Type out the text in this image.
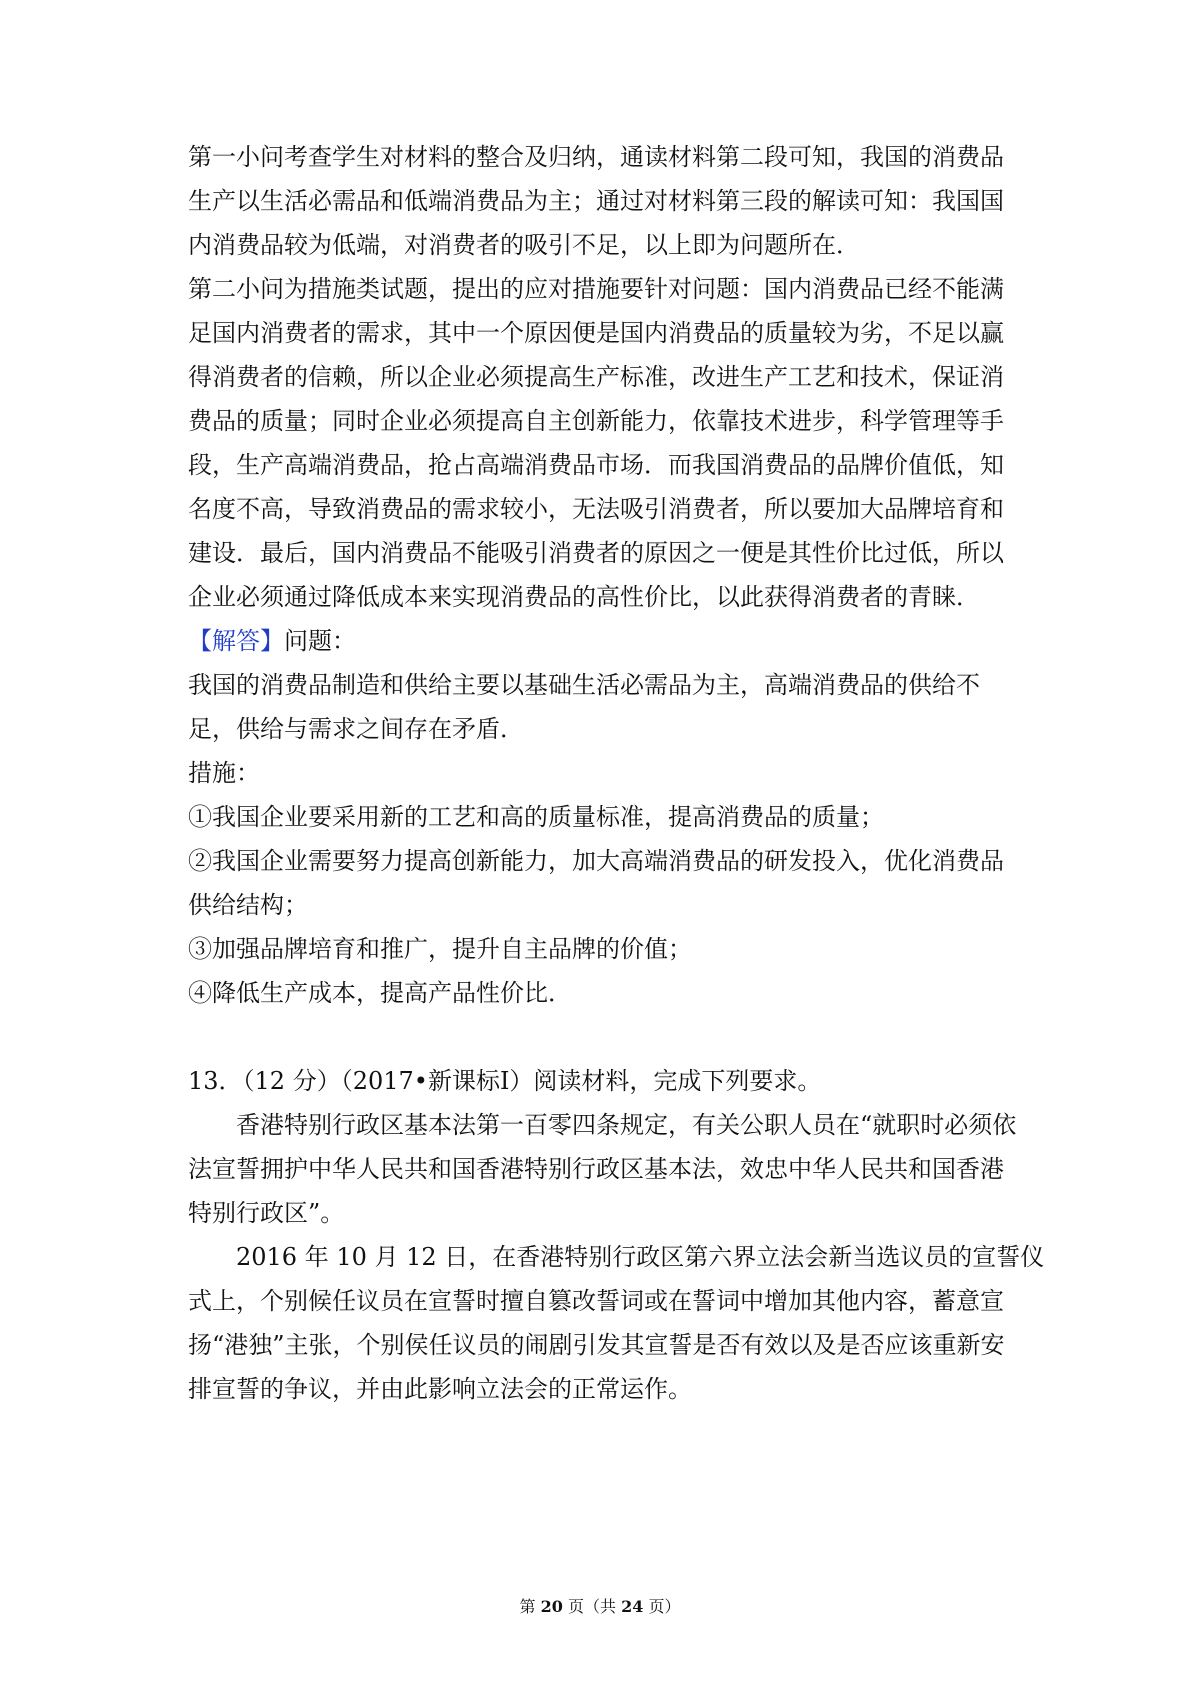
第一小问考查学生对材料的整合及归纳，通读材料第二段可知，我国的消费品
生产以生活必需品和低端消费品为主；通过对材料第三段的解读可知：我国国
内消费品较为低端，对消费者的吸引不足，以上即为问题所在．
第二小问为措施类试题，提出的应对措施要针对问题：国内消费品已经不能满
足国内消费者的需求，其中一个原因便是国内消费品的质量较为劣，不足以赢
得消费者的信赖，所以企业必须提高生产标准，改进生产工艺和技术，保证消
费品的质量；同时企业必须提高自主创新能力，依靠技术进步，科学管理等手
段，生产高端消费品，抢占高端消费品市场．而我国消费品的品牌价值低，知
名度不高，导致消费品的需求较小，无法吸引消费者，所以要加大品牌培育和
建设．最后，国内消费品不能吸引消费者的原因之一便是其性价比过低，所以
企业必须通过降低成本来实现消费品的高性价比，以此获得消费者的青睐．
【解答】问题：
我国的消费品制造和供给主要以基础生活必需品为主，高端消费品的供给不
足，供给与需求之间存在矛盾．
措施：
①我国企业要采用新的工艺和高的质量标准，提高消费品的质量；
②我国企业需要努力提高创新能力，加大高端消费品的研发投入，优化消费品
供给结构；
③加强品牌培育和推广，提升自主品牌的价值；
④降低生产成本，提高产品性价比．
13．（12 分）（2017•新课标Ⅰ）阅读材料，完成下列要求。
香港特别行政区基本法第一百零四条规定，有关公职人员在“就职时必须依
法宣誓拥护中华人民共和国香港特别行政区基本法，效忠中华人民共和国香港
特别行政区”。
2016 年 10 月 12 日，在香港特别行政区第六界立法会新当选议员的宣誓仪
式上，个别候任议员在宣誓时擅自篡改誓词或在誓词中增加其他内容，蓄意宣
扬“港独”主张，个别侯任议员的闹剧引发其宣誓是否有效以及是否应该重新安
排宣誓的争议，并由此影响立法会的正常运作。
第 20 页（共 24 页）
